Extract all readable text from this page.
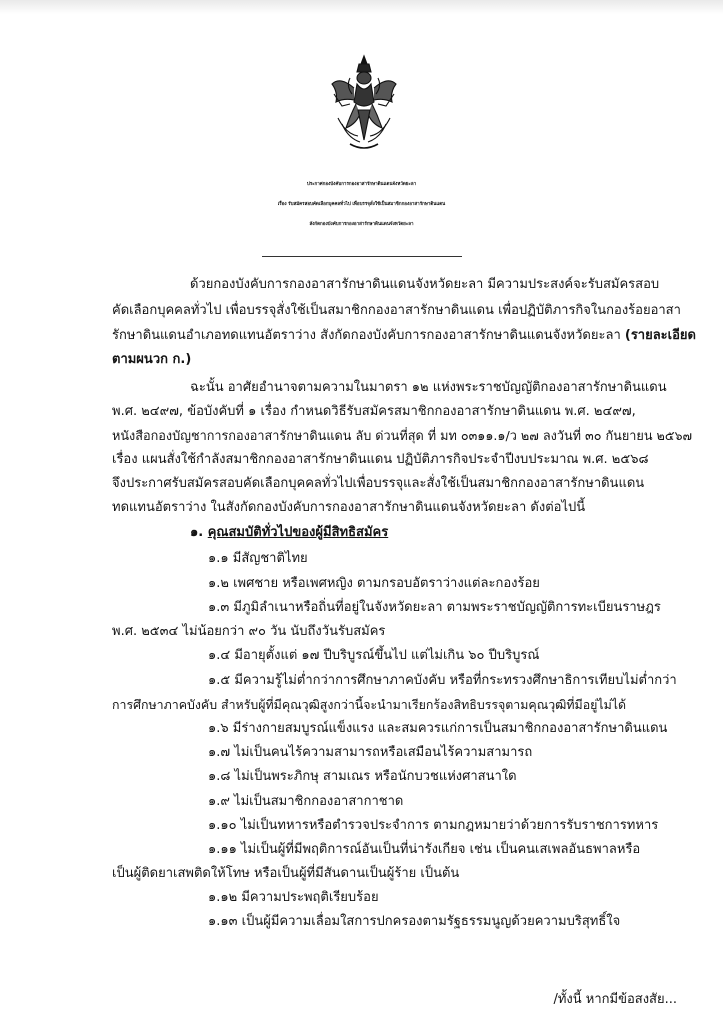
ประกาศกองบังคับการกองอาสารักษาดินแดนจังหวัดยะลา
เรื่อง รับสมัครสอบคัดเลือกบุคคลทั่วไป เพื่อบรรจุสั่งใช้เป็นสมาชิกกองอาสารักษาดินแดน
สังกัดกองบังคับการกองอาสารักษาดินแดนจังหวัดยะลา
ด้วยกองบังคับการกองอาสารักษาดินแดนจังหวัดยะลา มีความประสงค์จะรับสมัครสอบ
คัดเลือกบุคคลทั่วไป เพื่อบรรจุสั่งใช้เป็นสมาชิกกองอาสารักษาดินแดน เพื่อปฏิบัติภารกิจในกองร้อยอาสา
รักษาดินแดนอำเภอทดแทนอัตราว่าง สังกัดกองบังคับการกองอาสารักษาดินแดนจังหวัดยะลา (รายละเอียด
ตามผนวก ก.)
ฉะนั้น อาศัยอำนาจตามความในมาตรา ๑๒ แห่งพระราชบัญญัติกองอาสารักษาดินแดน
พ.ศ. ๒๔๙๗, ข้อบังคับที่ ๑ เรื่อง กำหนดวิธีรับสมัครสมาชิกกองอาสารักษาดินแดน พ.ศ. ๒๔๙๗,
หนังสือกองบัญชาการกองอาสารักษาดินแดน ลับ ด่วนที่สุด ที่ มท ๐๓๑๑.๑/ว ๒๗ ลงวันที่ ๓๐ กันยายน ๒๕๖๗
เรื่อง แผนสั่งใช้กำลังสมาชิกกองอาสารักษาดินแดน ปฏิบัติภารกิจประจำปีงบประมาณ พ.ศ. ๒๕๖๘
จึงประกาศรับสมัครสอบคัดเลือกบุคคลทั่วไปเพื่อบรรจุและสั่งใช้เป็นสมาชิกกองอาสารักษาดินแดน
ทดแทนอัตราว่าง ในสังกัดกองบังคับการกองอาสารักษาดินแดนจังหวัดยะลา ดังต่อไปนี้
๑. คุณสมบัติทั่วไปของผู้มีสิทธิสมัคร
๑.๑ มีสัญชาติไทย
๑.๒ เพศชาย หรือเพศหญิง ตามกรอบอัตราว่างแต่ละกองร้อย
๑.๓ มีภูมิลำเนาหรือถิ่นที่อยู่ในจังหวัดยะลา ตามพระราชบัญญัติการทะเบียนราษฎร
พ.ศ. ๒๕๓๔ ไม่น้อยกว่า ๙๐ วัน นับถึงวันรับสมัคร
๑.๔ มีอายุตั้งแต่ ๑๗ ปีบริบูรณ์ขึ้นไป แต่ไม่เกิน ๖๐ ปีบริบูรณ์
๑.๕ มีความรู้ไม่ต่ำกว่าการศึกษาภาคบังคับ หรือที่กระทรวงศึกษาธิการเทียบไม่ต่ำกว่า
การศึกษาภาคบังคับ สำหรับผู้ที่มีคุณวุฒิสูงกว่านี้จะนำมาเรียกร้องสิทธิบรรจุตามคุณวุฒิที่มีอยู่ไม่ได้
๑.๖ มีร่างกายสมบูรณ์แข็งแรง และสมควรแก่การเป็นสมาชิกกองอาสารักษาดินแดน
๑.๗ ไม่เป็นคนไร้ความสามารถหรือเสมือนไร้ความสามารถ
๑.๘ ไม่เป็นพระภิกษุ สามเณร หรือนักบวชแห่งศาสนาใด
๑.๙ ไม่เป็นสมาชิกกองอาสากาชาด
๑.๑๐ ไม่เป็นทหารหรือตำรวจประจำการ ตามกฎหมายว่าด้วยการรับราชการทหาร
๑.๑๑ ไม่เป็นผู้ที่มีพฤติการณ์อันเป็นที่น่ารังเกียจ เช่น เป็นคนเสเพลอันธพาลหรือ
เป็นผู้ติดยาเสพติดให้โทษ หรือเป็นผู้ที่มีสันดานเป็นผู้ร้าย เป็นต้น
๑.๑๒ มีความประพฤติเรียบร้อย
๑.๑๓ เป็นผู้มีความเลื่อมใสการปกครองตามรัฐธรรมนูญด้วยความบริสุทธิ์ใจ
/ทั้งนี้ หากมีข้อสงสัย...
